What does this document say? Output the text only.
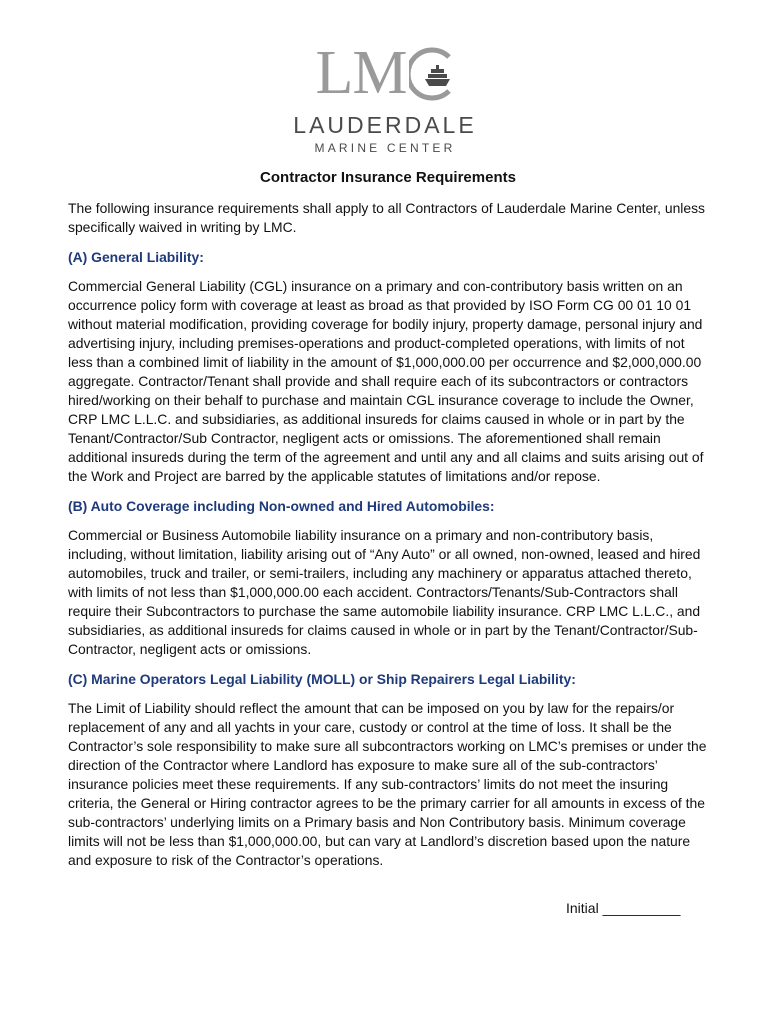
LM
LAUDERDALE
MARINE CENTER
Contractor Insurance Requirements

The following insurance requirements shall apply to all Contractors of Lauderdale Marine Center, unless specifically waived in writing by LMC.

(A) General Liability:

Commercial General Liability (CGL) insurance on a primary and con-contributory basis written on an occurrence policy form with coverage at least as broad as that provided by ISO Form CG 00 01 10 01 without material modification, providing coverage for bodily injury, property damage, personal injury and advertising injury, including premises-operations and product-completed operations, with limits of not less than a combined limit of liability in the amount of $1,000,000.00 per occurrence and $2,000,000.00 aggregate. Contractor/Tenant shall provide and shall require each of its subcontractors or contractors hired/working on their behalf to purchase and maintain CGL insurance coverage to include the Owner, CRP LMC L.L.C. and subsidiaries, as additional insureds for claims caused in whole or in part by the Tenant/Contractor/Sub Contractor, negligent acts or omissions. The aforementioned shall remain additional insureds during the term of the agreement and until any and all claims and suits arising out of the Work and Project are barred by the applicable statutes of limitations and/or repose.

(B) Auto Coverage including Non-owned and Hired Automobiles:

Commercial or Business Automobile liability insurance on a primary and non-contributory basis, including, without limitation, liability arising out of “Any Auto” or all owned, non-owned, leased and hired automobiles, truck and trailer, or semi-trailers, including any machinery or apparatus attached thereto, with limits of not less than $1,000,000.00 each accident. Contractors/Tenants/Sub-Contractors shall require their Subcontractors to purchase the same automobile liability insurance. CRP LMC L.L.C., and subsidiaries, as additional insureds for claims caused in whole or in part by the Tenant/Contractor/Sub-Contractor, negligent acts or omissions.

(C) Marine Operators Legal Liability (MOLL) or Ship Repairers Legal Liability:

The Limit of Liability should reflect the amount that can be imposed on you by law for the repairs/or replacement of any and all yachts in your care, custody or control at the time of loss. It shall be the Contractor’s sole responsibility to make sure all subcontractors working on LMC’s premises or under the direction of the Contractor where Landlord has exposure to make sure all of the sub-contractors’ insurance policies meet these requirements. If any sub-contractors’ limits do not meet the insuring criteria, the General or Hiring contractor agrees to be the primary carrier for all amounts in excess of the sub-contractors’ underlying limits on a Primary basis and Non Contributory basis. Minimum coverage limits will not be less than $1,000,000.00, but can vary at Landlord’s discretion based upon the nature and exposure to risk of the Contractor’s operations.

Initial __________
